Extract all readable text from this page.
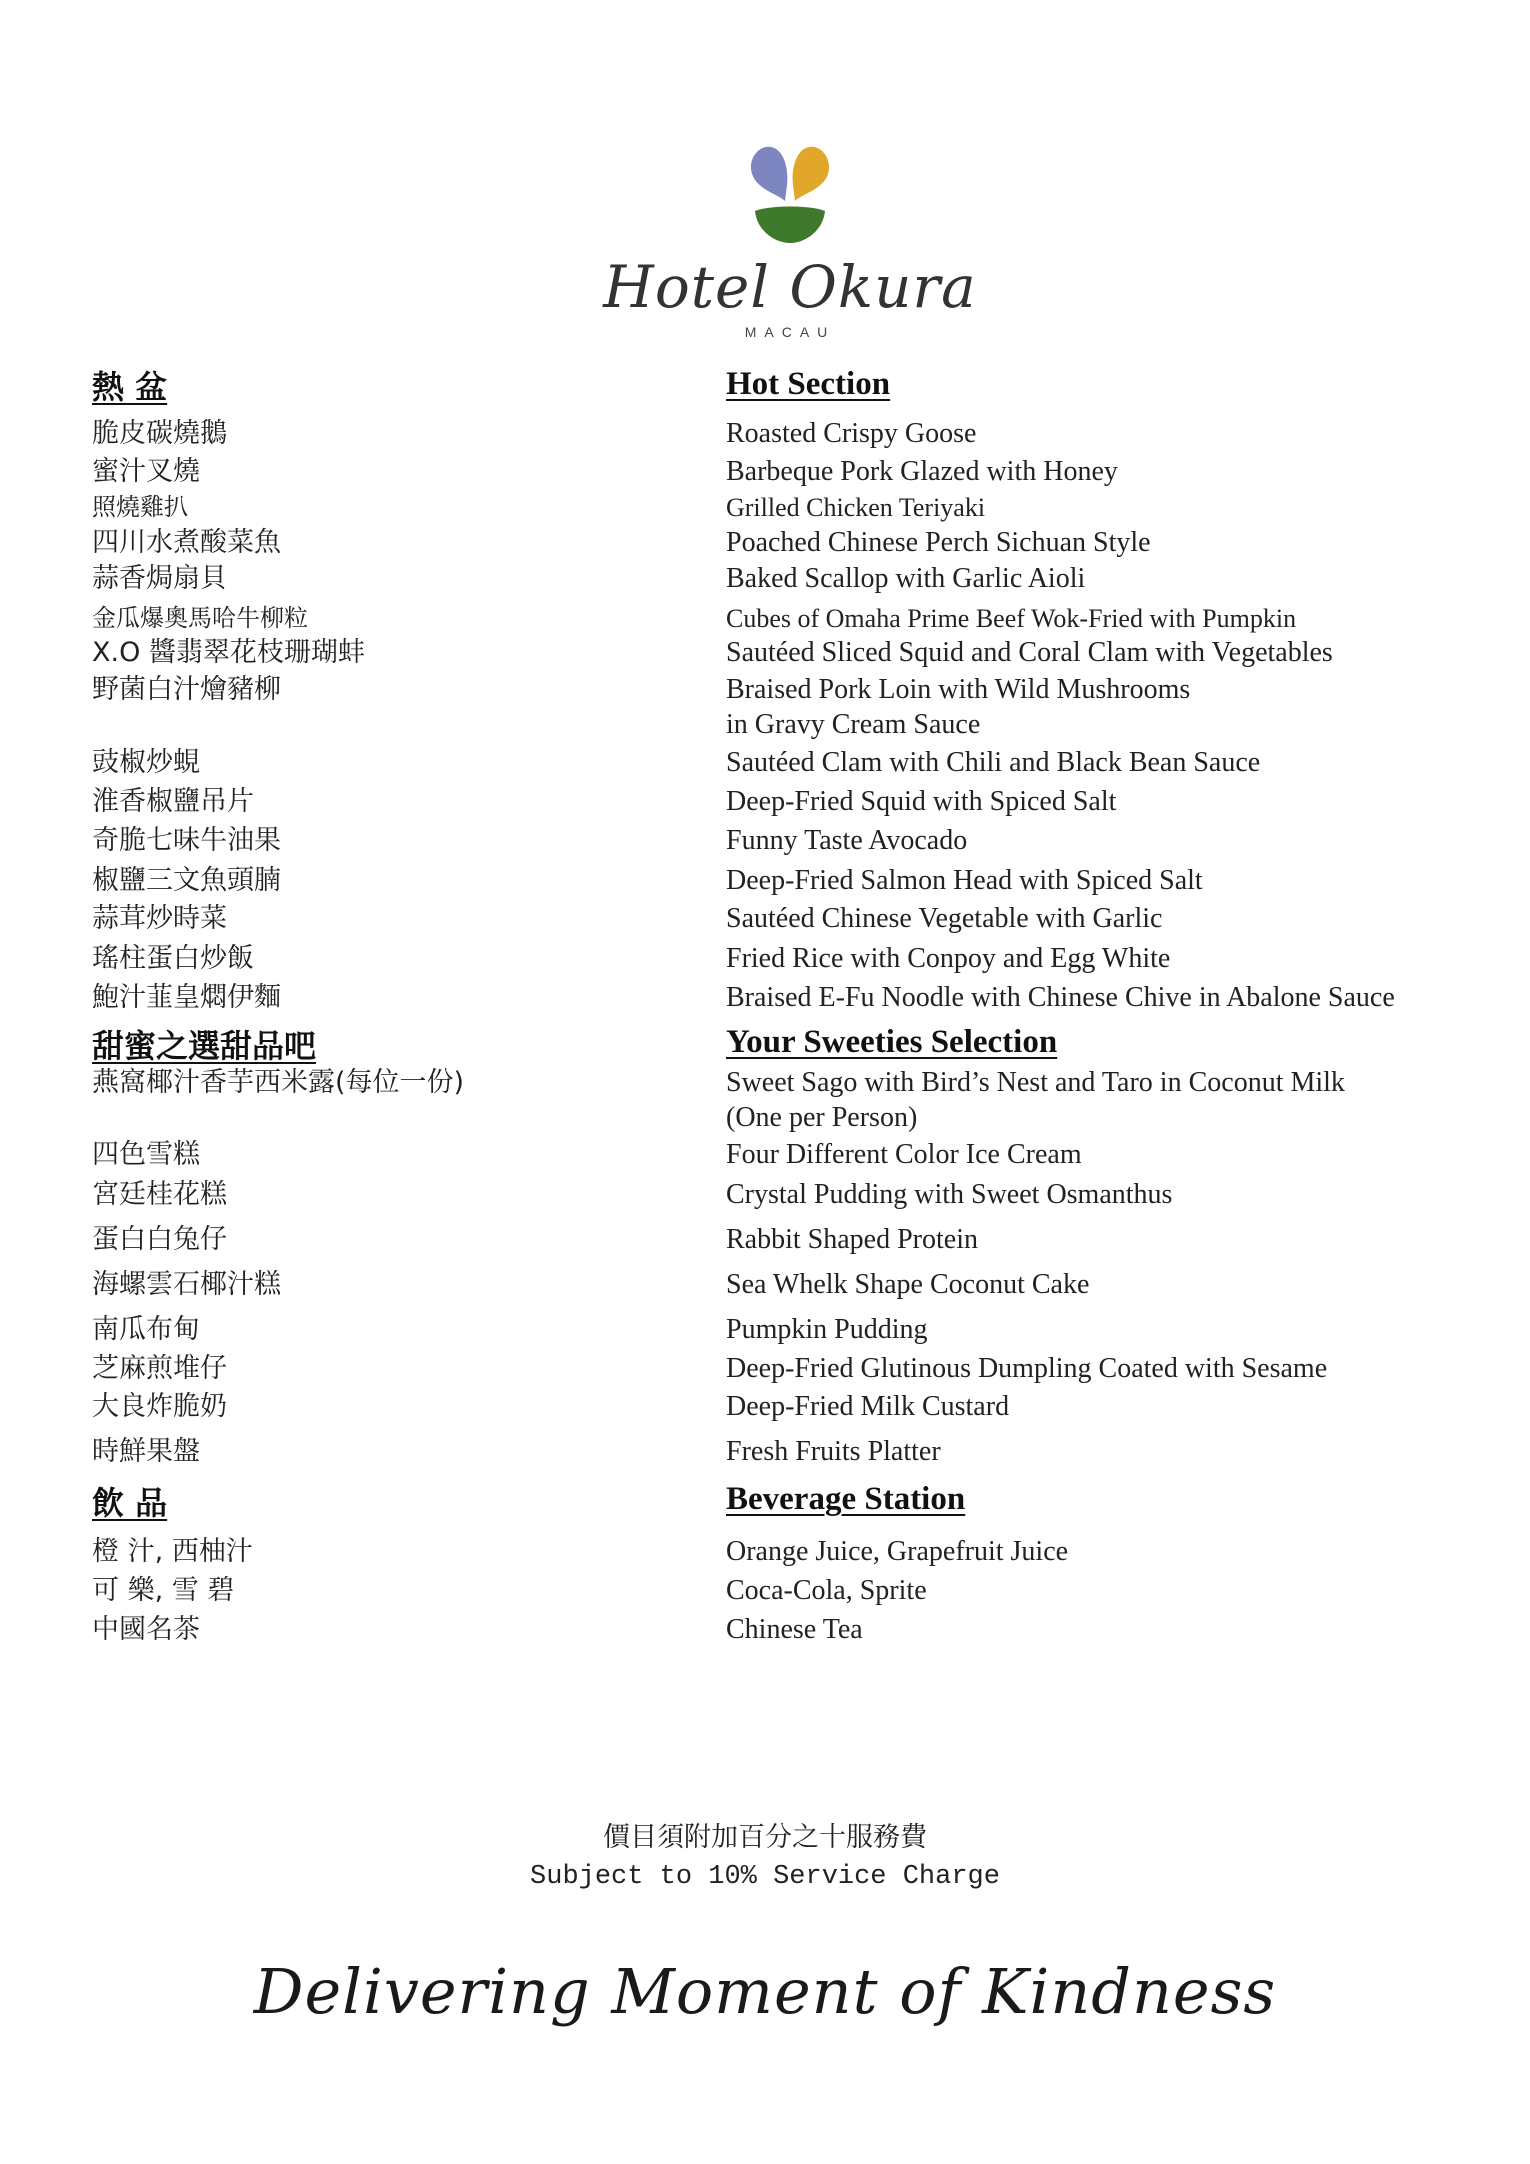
Hotel Okura
MACAU
熱 盆
脆皮碳燒鵝
蜜汁叉燒
照燒雞扒
四川水煮酸菜魚
蒜香焗扇貝
金瓜爆奧馬哈牛柳粒
X.O 醬翡翠花枝珊瑚蚌
野菌白汁燴豬柳
豉椒炒蜆
淮香椒鹽吊片
奇脆七味牛油果
椒鹽三文魚頭腩
蒜茸炒時菜
瑤柱蛋白炒飯
鮑汁韮皇燜伊麵
甜蜜之選甜品吧
燕窩椰汁香芋西米露(每位一份)
四色雪糕
宮廷桂花糕
蛋白白兔仔
海螺雲石椰汁糕
南瓜布甸
芝麻煎堆仔
大良炸脆奶
時鮮果盤
飲 品
橙 汁, 西柚汁
可 樂, 雪 碧
中國名茶
Hot Section
Roasted Crispy Goose
Barbeque Pork Glazed with Honey
Grilled Chicken Teriyaki
Poached Chinese Perch Sichuan Style
Baked Scallop with Garlic Aioli
Cubes of Omaha Prime Beef Wok-Fried with Pumpkin
Sautéed Sliced Squid and Coral Clam with Vegetables
Braised Pork Loin with Wild Mushrooms
in Gravy Cream Sauce
Sautéed Clam with Chili and Black Bean Sauce
Deep-Fried Squid with Spiced Salt
Funny Taste Avocado
Deep-Fried Salmon Head with Spiced Salt
Sautéed Chinese Vegetable with Garlic
Fried Rice with Conpoy and Egg White
Braised E-Fu Noodle with Chinese Chive in Abalone Sauce
Your Sweeties Selection
Sweet Sago with Bird’s Nest and Taro in Coconut Milk
(One per Person)
Four Different Color Ice Cream
Crystal Pudding with Sweet Osmanthus
Rabbit Shaped Protein
Sea Whelk Shape Coconut Cake
Pumpkin Pudding
Deep-Fried Glutinous Dumpling Coated with Sesame
Deep-Fried Milk Custard
Fresh Fruits Platter
Beverage Station
Orange Juice, Grapefruit Juice
Coca-Cola, Sprite
Chinese Tea
價目須附加百分之十服務費
Subject to 10% Service Charge
Delivering Moment of Kindness
